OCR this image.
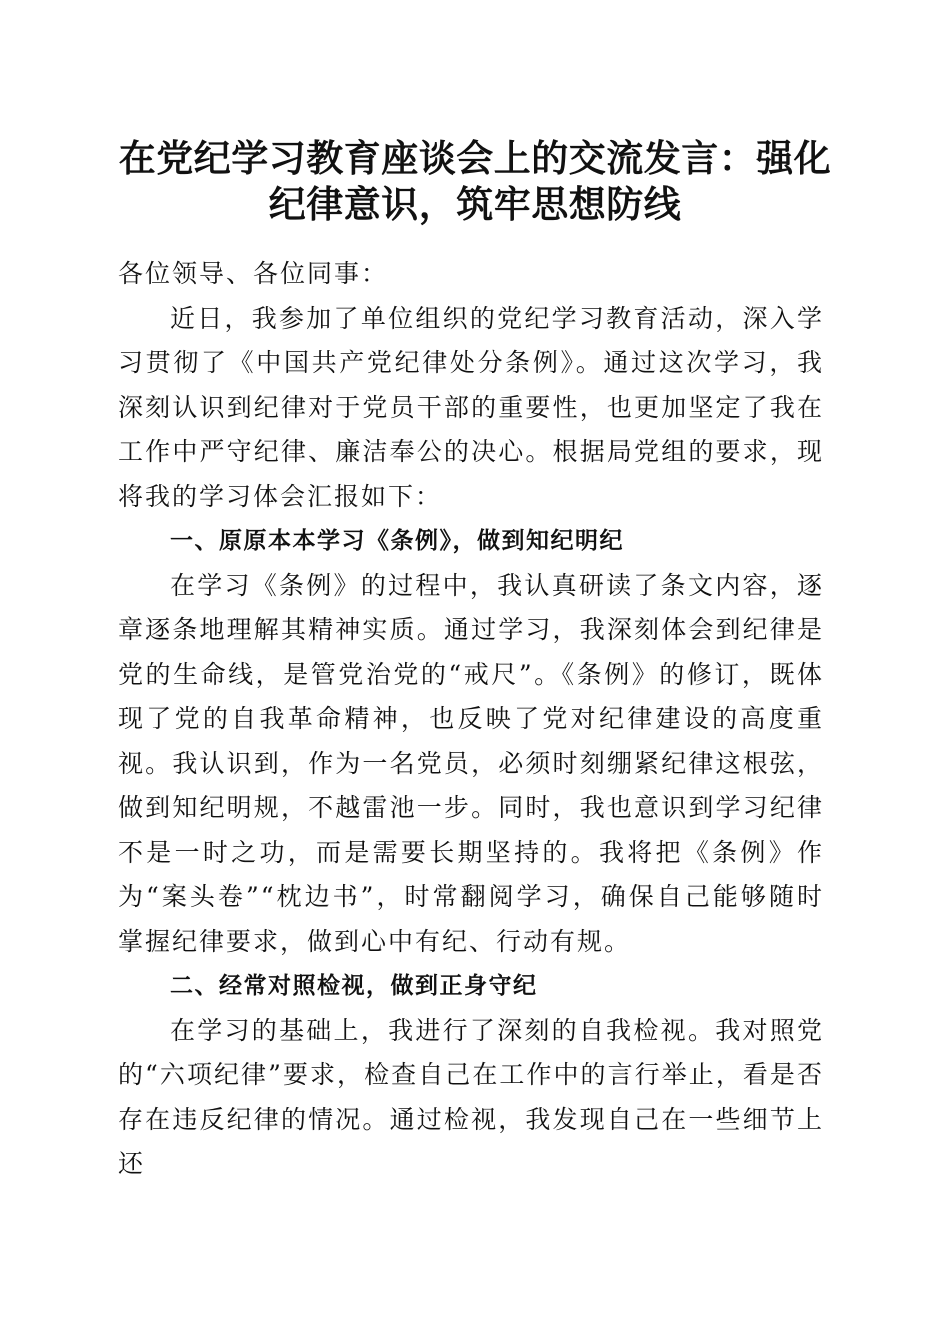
在党纪学习教育座谈会上的交流发言：强化纪律意识，筑牢思想防线

各位领导、各位同事：

近日，我参加了单位组织的党纪学习教育活动，深入学习贯彻了《中国共产党纪律处分条例》。通过这次学习，我深刻认识到纪律对于党员干部的重要性，也更加坚定了我在工作中严守纪律、廉洁奉公的决心。根据局党组的要求，现将我的学习体会汇报如下：

一、原原本本学习《条例》，做到知纪明纪

在学习《条例》的过程中，我认真研读了条文内容，逐章逐条地理解其精神实质。通过学习，我深刻体会到纪律是党的生命线，是管党治党的“戒尺”。《条例》的修订，既体现了党的自我革命精神，也反映了党对纪律建设的高度重视。我认识到，作为一名党员，必须时刻绷紧纪律这根弦，做到知纪明规，不越雷池一步。同时，我也意识到学习纪律不是一时之功，而是需要长期坚持的。我将把《条例》作为“案头卷”“枕边书”，时常翻阅学习，确保自己能够随时掌握纪律要求，做到心中有纪、行动有规。

二、经常对照检视，做到正身守纪

在学习的基础上，我进行了深刻的自我检视。我对照党的“六项纪律”要求，检查自己在工作中的言行举止，看是否存在违反纪律的情况。通过检视，我发现自己在一些细节上还
